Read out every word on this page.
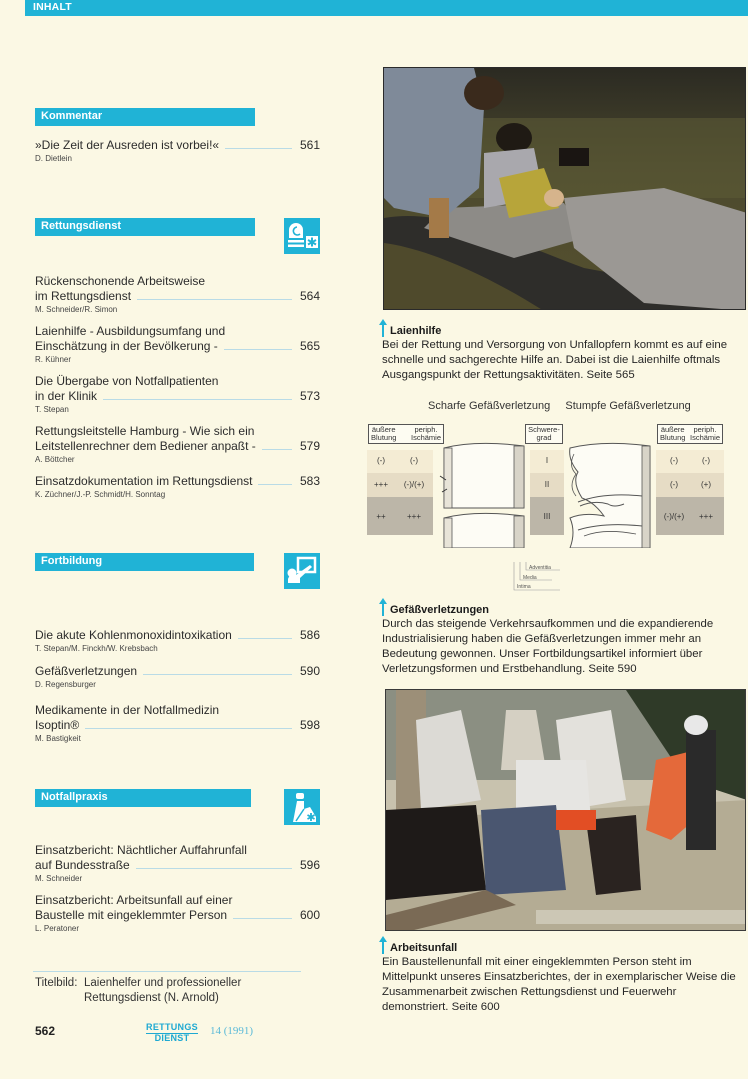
INHALT
Kommentar
»Die Zeit der Ausreden ist vorbei!«	561
D. Dietlein
Rettungsdienst
Rückenschonende Arbeitsweise
im Rettungsdienst	564
M. Schneider/R. Simon
Laienhilfe - Ausbildungsumfang und
Einschätzung in der Bevölkerung -	565
R. Kühner
Die Übergabe von Notfallpatienten
in der Klinik	573
T. Stepan
Rettungsleitstelle Hamburg - Wie sich ein
Leitstellenrechner dem Bediener anpaßt -	579
A. Böttcher
Einsatzdokumentation im Rettungsdienst	583
K. Züchner/J.-P. Schmidt/H. Sonntag
Fortbildung
Die akute Kohlenmonoxidintoxikation	586
T. Stepan/M. Finckh/W. Krebsbach
Gefäßverletzungen	590
D. Regensburger
Medikamente in der Notfallmedizin
Isoptin®	598
M. Bastigkeit
Notfallpraxis
Einsatzbericht: Nächtlicher Auffahrunfall
auf Bundesstraße	596
M. Schneider
Einsatzbericht: Arbeitsunfall auf einer
Baustelle mit eingeklemmter Person	600
L. Peratoner
Titelbild: Laienhelfer und professioneller
Rettungsdienst (N. Arnold)
562	RETTUNGS
DIENST
14 (1991)
Laienhilfe
Bei der Rettung und Versorgung von Unfallopfern kommt es auf eine schnelle und sachgerechte Hilfe an. Dabei ist die Laienhilfe oftmals Ausgangspunkt der Rettungsaktivitäten. Seite 565
Scharfe Gefäßverletzung Stumpfe Gefäßverletzung
äußere
Blutung
periph.
Ischämie
Schwere-
grad
äußere
Blutung
periph.
Ischämie
(-)	(-)
+++	(-)/(+)
++	+++
I
II
III
(-)	(-)
(-)	(+)
(-)/(+)	+++
Adventitia
Media
Intima
Gefäßverletzungen
Durch das steigende Verkehrsaufkommen und die expandierende Industrialisierung haben die Gefäßverletzungen immer mehr an Bedeutung gewonnen. Unser Fortbildungsartikel informiert über Verletzungsformen und Erstbehandlung. Seite 590
Arbeitsunfall
Ein Baustellenunfall mit einer eingeklemmten Person steht im Mittelpunkt unseres Einsatzberichtes, der in exemplarischer Weise die Zusammenarbeit zwischen Rettungsdienst und Feuerwehr demonstriert. Seite 600
